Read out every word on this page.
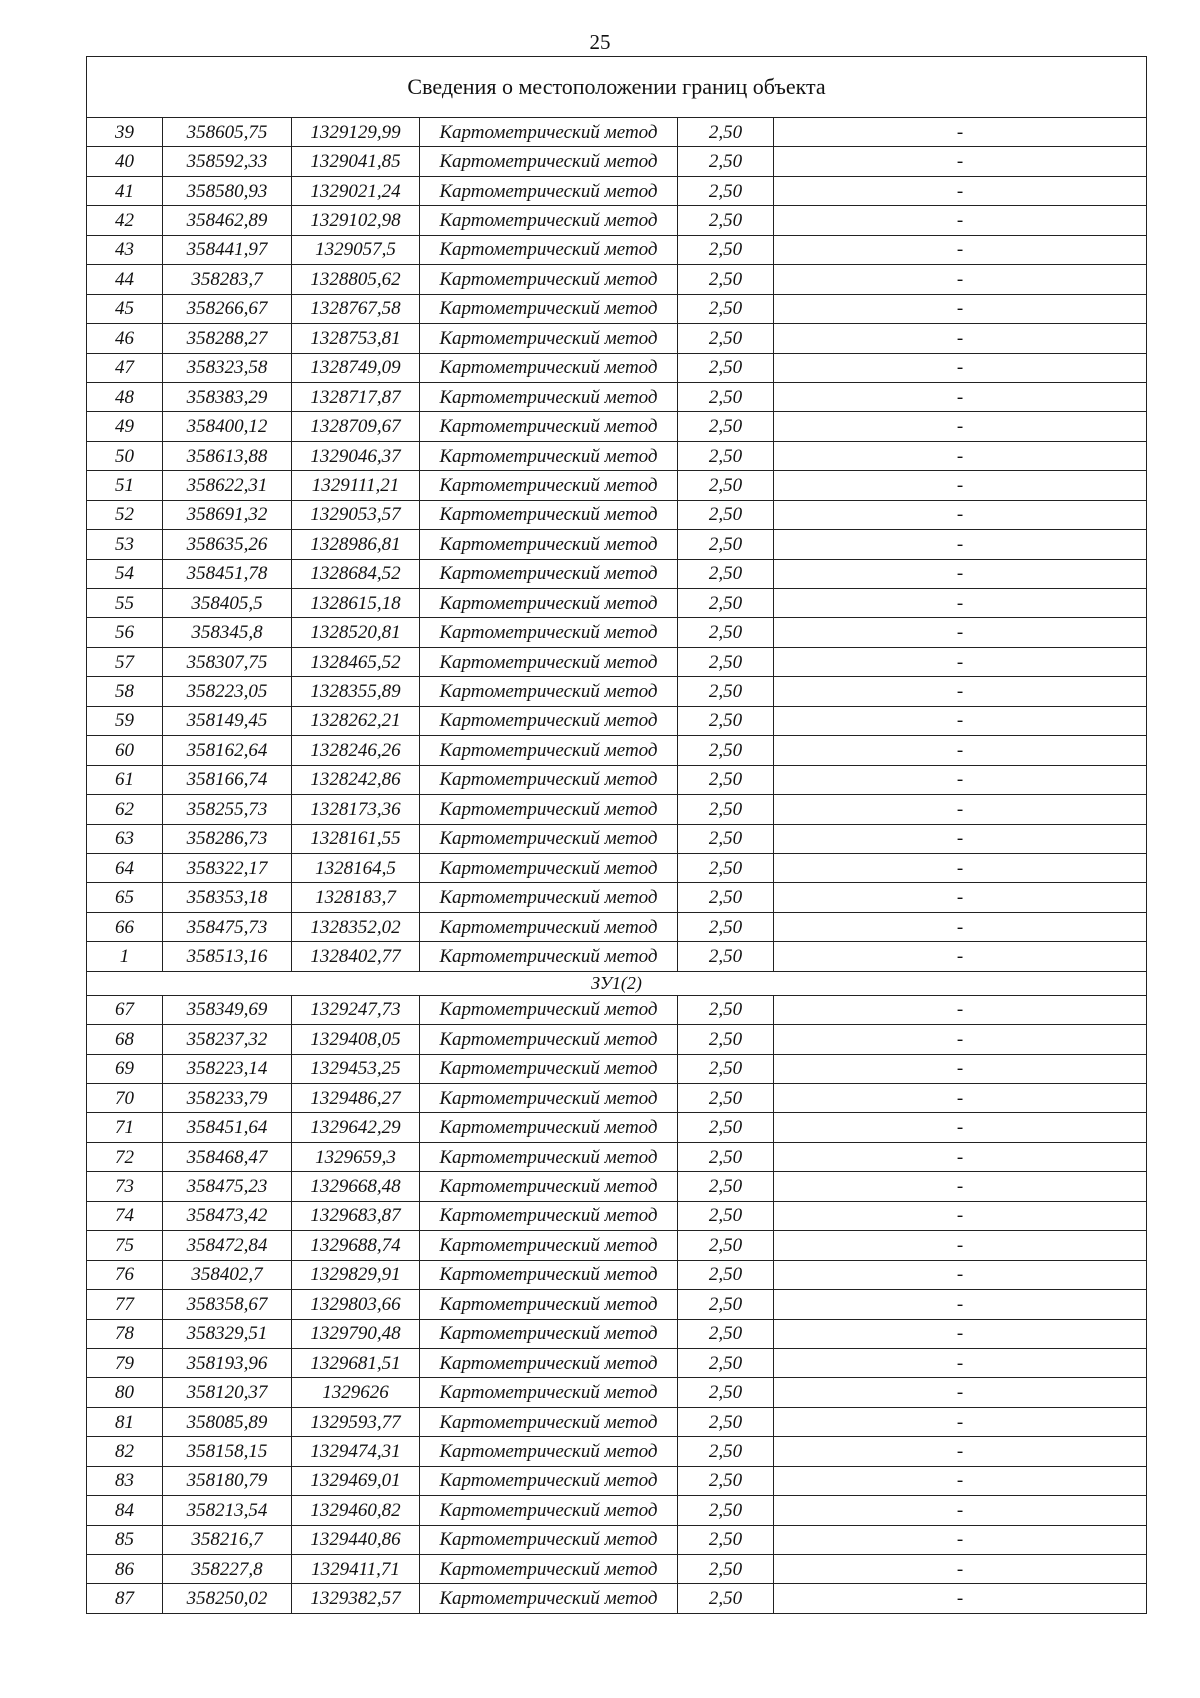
25
Сведения о местоположении границ объекта					
39	358605,75	1329129,99	Картометрический метод	2,50	-
40	358592,33	1329041,85	Картометрический метод	2,50	-
41	358580,93	1329021,24	Картометрический метод	2,50	-
42	358462,89	1329102,98	Картометрический метод	2,50	-
43	358441,97	1329057,5	Картометрический метод	2,50	-
44	358283,7	1328805,62	Картометрический метод	2,50	-
45	358266,67	1328767,58	Картометрический метод	2,50	-
46	358288,27	1328753,81	Картометрический метод	2,50	-
47	358323,58	1328749,09	Картометрический метод	2,50	-
48	358383,29	1328717,87	Картометрический метод	2,50	-
49	358400,12	1328709,67	Картометрический метод	2,50	-
50	358613,88	1329046,37	Картометрический метод	2,50	-
51	358622,31	1329111,21	Картометрический метод	2,50	-
52	358691,32	1329053,57	Картометрический метод	2,50	-
53	358635,26	1328986,81	Картометрический метод	2,50	-
54	358451,78	1328684,52	Картометрический метод	2,50	-
55	358405,5	1328615,18	Картометрический метод	2,50	-
56	358345,8	1328520,81	Картометрический метод	2,50	-
57	358307,75	1328465,52	Картометрический метод	2,50	-
58	358223,05	1328355,89	Картометрический метод	2,50	-
59	358149,45	1328262,21	Картометрический метод	2,50	-
60	358162,64	1328246,26	Картометрический метод	2,50	-
61	358166,74	1328242,86	Картометрический метод	2,50	-
62	358255,73	1328173,36	Картометрический метод	2,50	-
63	358286,73	1328161,55	Картометрический метод	2,50	-
64	358322,17	1328164,5	Картометрический метод	2,50	-
65	358353,18	1328183,7	Картометрический метод	2,50	-
66	358475,73	1328352,02	Картометрический метод	2,50	-
1	358513,16	1328402,77	Картометрический метод	2,50	-
ЗУ1(2)					
67	358349,69	1329247,73	Картометрический метод	2,50	-
68	358237,32	1329408,05	Картометрический метод	2,50	-
69	358223,14	1329453,25	Картометрический метод	2,50	-
70	358233,79	1329486,27	Картометрический метод	2,50	-
71	358451,64	1329642,29	Картометрический метод	2,50	-
72	358468,47	1329659,3	Картометрический метод	2,50	-
73	358475,23	1329668,48	Картометрический метод	2,50	-
74	358473,42	1329683,87	Картометрический метод	2,50	-
75	358472,84	1329688,74	Картометрический метод	2,50	-
76	358402,7	1329829,91	Картометрический метод	2,50	-
77	358358,67	1329803,66	Картометрический метод	2,50	-
78	358329,51	1329790,48	Картометрический метод	2,50	-
79	358193,96	1329681,51	Картометрический метод	2,50	-
80	358120,37	1329626	Картометрический метод	2,50	-
81	358085,89	1329593,77	Картометрический метод	2,50	-
82	358158,15	1329474,31	Картометрический метод	2,50	-
83	358180,79	1329469,01	Картометрический метод	2,50	-
84	358213,54	1329460,82	Картометрический метод	2,50	-
85	358216,7	1329440,86	Картометрический метод	2,50	-
86	358227,8	1329411,71	Картометрический метод	2,50	-
87	358250,02	1329382,57	Картометрический метод	2,50	-
